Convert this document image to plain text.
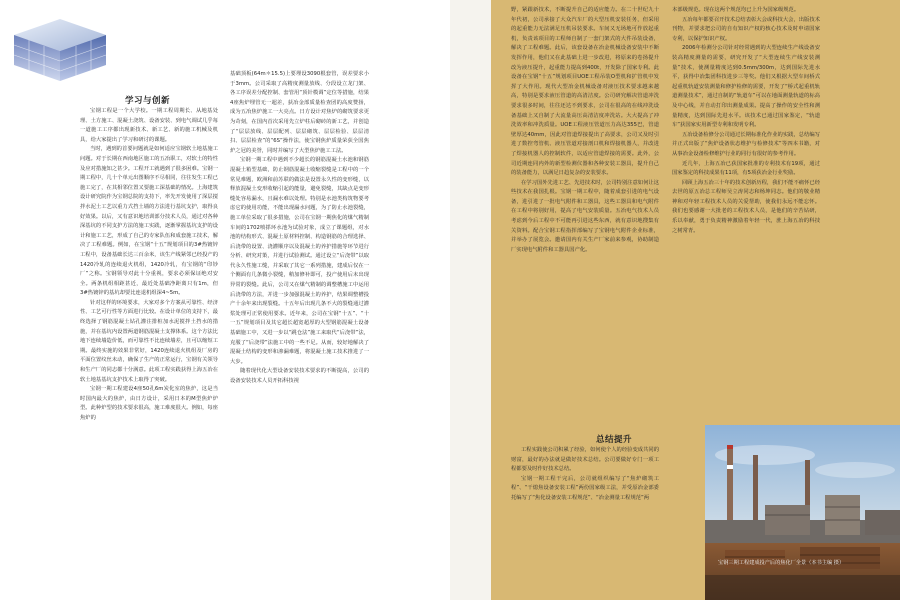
学习与创新

宝钢工程是一个大学校。一期工程周期长、从地基处理、土方施工、混凝土浇筑、设备安装、到电气调试几乎每一道施工工序都出现新技术、新工艺、新的施工机械及机具，给大家提出了学习和研讨的课题。

当时，遇到的首要问题就是如何适应宝钢软土地基施工问题。对于长期在西南地区施工的五冶职工，对软土的特性及应对措施知之甚少。工程开工就遇到了很多困难。宝钢一期工程中，几十个单元出图顺序不尽相同，往往发生工程已施工完了，在其相邻位置又要施工深基础的情况。上海建筑设计研究院作为宝钢总院的支持下，率先开发使用了深层搅拌水泥土工艺以重力式挡土墙的方法进行基坑支护，取得良好效果。以后，又有意识地培训部分技术人员，通过对各种深基坑的不同支护方法的施工实践，逐渐掌握基坑支护的设计和施工工艺，形成了自己的专家队伍和成套施工技术，解决了工程难题。例如，在宝钢“十五”规划项目的3#热镀锌工程中，设备基础长达三百余米，该生产线紧邻已经投产的1420冷轧的连续退火机组，1420冷轧，有宝钢的“印钞厂”之称。宝钢领导对此十分重视，要求必须保证绝对安全。两条机组相距甚近，最近处基础净距离只有1m，但3#热镀锌的基坑却要比连退机组深4~5m。

针对这样的环境要求，大家对多个方案从可靠性、经济性、工艺可行性等方面进行比较。在设计单位的支持下，最终选择了钢筋混凝土钻孔灌注排桩加水泥搅拌土挡水的措施，并在基坑内设置两道钢筋混凝土支撑体系。这个方法比地下连续墙造价低，而可靠性不比连续墙差，且可以缩短工期。最终实施的效果非常好，1420连续退火机组及厂房的平面位置纹丝未动，确保了生产的正常运行，宝钢有关领导和生产厂的同志都十分满意。此项工程实践获得上海五冶在软土地基基坑支护技术上取得了突破。

宝钢一期工程建设4座50孔6m炭化室的焦炉，这是当时国内最大的焦炉，由日方设计，采用日本的M型焦炉炉型。此种炉型的技术要求很高，施工难度很大。例如，每座焦炉的

基础顶板(64m＊15.5)上要埋设3090根套管，误差要求小于3mm。公司采取了高精度测量放线、分段设立龙门架、各工序误差分配控制、套管用“顶针模调”定位等措施，结果4座焦炉埋管无一超差，获冶金部质量检查团的高度赞扬，成为五冶焦炉施工一大亮点。日方设计对焦炉的砌筑要求更为苛刻，在国内首次采用先立炉柱后砌砖的新工艺，并创造了“层层放线、层层配列、层层砌筑、层层检验、层层清扫、层层检查”的“6S”操作法，使宝钢焦炉质量荣获全国焦炉之冠的美誉，同时并编写了大型焦炉施工工法。

宝钢一期工程中遇到不少超长的钢筋混凝土水池和钢筋混凝土箱型基础，防止钢筋混凝土收缩裂缝是工程中的一个常见难题，欧洲和前苏联的做法是设置永久性的变形缝，以释放混凝土变形收缩引起的能量，避免裂缝，其缺点是变形缝处容易漏水，且漏水难以处理。特别是水池类构筑物要考虑它的使用功能，不能出现漏水问题，为了防止水池裂缝，施工单位采取了很多措施，公司在宝钢一期焦化的煤气精制车间的1702喷搽环水池为试验对象，成立了课题组，对水池的结构形式、混凝土原材料控制、构造钢筋的合理选择、后浇带的设置、浇灌顺序以及混凝土的养护措施等环节进行分析、研究对策，并进行试验测试。通过设立“后浇带”以取代永久性施工缝，并采取了其它一系列措施，建成后仅在一个侧面有几条微小裂缝，稍加修补即可，投产使用后未出现异常的裂缝。此后，公司又在煤气精制的调整槽施工中运用后浇带的方法，并进一步加强混凝土的养护，结果调整槽投产十余年来出现裂缝。十五年后出现几条不大的裂缝通过灌浆处理可正常使用要求。近年来，公司在宝钢“十五”、“十一五”规划项目及其它超长超宽超厚的大型钢筋混凝土设备基础施工中，又进一步以“跳仓法”施工来取代“后浇带”法，克服了“后浇带”法施工中的一些不足。从而，较好地解决了混凝土结构的变形和渗漏难题，将混凝土施工技术推进了一大步。

随着现代化大型设备安装技术要求的不断提高，公司的设备安装技术人员开拓科技视

野，紧跟新技术，不断提升自己的适应能力。在二十世纪九十年代初，公司承接了大众汽车厂的大型压机安装任务，但采用的起重能力无法满足压机吊装要求。车间又无场地可作放起重机，负责该项目的工程师自制了一套门架式的大件吊装设备，解决了工程难题。此后，该套设备在冶金机械设备安装中不断发挥作用，他们又在此基础上进一步改进，将原来的卷扬提升改为液压提升，起重能力提高到400t，开发除了国家专利。此设备在宝钢“十五”规划项目UOE工程吊装O型机和扩管机中发挥了大作用。现代大型冶金机械设备对液压技术要求越来越高，特别是要求液压管道的高清洁度。公司研究解决管道冲洗要求很多时间，往往还达不到要求，公司在很高的在线冲洗设备基础上又自制了大流量高压高清洁度冲洗站。大大提高了冲洗效率和冲洗质量。UOE工程液压管道压力高达355巴，管道壁厚达40mm，因此对管道焊接提出了高要求，公司又及时引进了数控弯管机、液压管道对接剖口机和焊接机器人，并改进了焊接机器人的控制软件，以适应管道焊接的需要。此外，公司近期连同内外的新型检测仪器和各种安装工器具，提升自己的装备能力，以满足日趋复杂的安装要求。

在学习国外先进工艺、先进技术时，公司特别注意如何让这些技术在我国扎根。宝钢一期工程中，随着成套引进的电气设备，进引进了一批电气附件和工器具，这些工器具和电气附件在工程中将别好用，提高了电气安装质量。五冶电气技术人员考虑到今后工程中不可能再引进这些东西，就有意识地搜集有关资料。配合宝钢工程指挥部编写了宝钢电气附件企业标准，并举办了展览会。邀请国内有关生产厂家前来参观，协助制造厂实现电气附件和工器具国产化。

总结提升

工程实践使公司积累了经验，如何使个人的经验变成共同的财富，最好的办法就是做好技术总结。公司要做好专门一项工程都要及时作好技术总结。

宝钢一期工程干完后，公司就组织编写了“焦炉砌筑工程”、“干熄焦设备安装工程”两份国家级工法，并受原冶金部委托编写了“焦化设备安装工程规范”、“冶金测量工程规范”两

本部级规范。现在这两个规范均已上升为国家级规范。

五冶每年都要召开技术总结表彰大会或科技大会，出版技术刊物，并要求把公司的自有知识产权的核心技术及时申请国家专利，以保护知识产权。

2006年检测分公司针对经常遇到的大型连续生产线设备安装高精度测量的需要，研究开发了“大型连续生产线安装测量”技术，使测量精度达到0.5mm/300m，达到国际先进水平，获得中冶集团科技进步三等奖。他们又根据大型车间桥式起重机轨道安装测量和修护检修的需要，开发了“桥式起重机轨道测量技术”，通过自制的“轨道车”可以在地面测量轨道的标高及中心线，并自动打印出测量成果。提高了操作的安全性和测量精度，达到国际先进水平。该技术已通过国家鉴定，“轨道车”获国家实用新型专利和发明专利。

五冶设备检修分公司通过长期标准化作业的实践，总结编写并正式出版了“焦炉设备状态维护与检修技术”等四本书籍，对从事冶金设备检修维护行业的同行有很好的参考作用。

近几年，上海五冶已获国家批准的专利技术有19项，通过国家鉴定的科技成果有11项，有5项获冶金行业奖励。

回顾上海五冶三十年的技术创新历程，我们不能不痛怀已经去世的原五冶总工程师吴立涛同志和杨坤同志。他们的敬业精神和对年轻工程技术人员的关爱帮助，使我们永远不能忘怀。我们也要感谢一大批老的工程技术人员，是他们的辛苦钻研，乐以奉献，勇于负责精神激励着年轻一代，蔗上海五冶的科技之树常青。

宝钢三期工程建成投产后的焦化厂全景（本书主编 摄）
